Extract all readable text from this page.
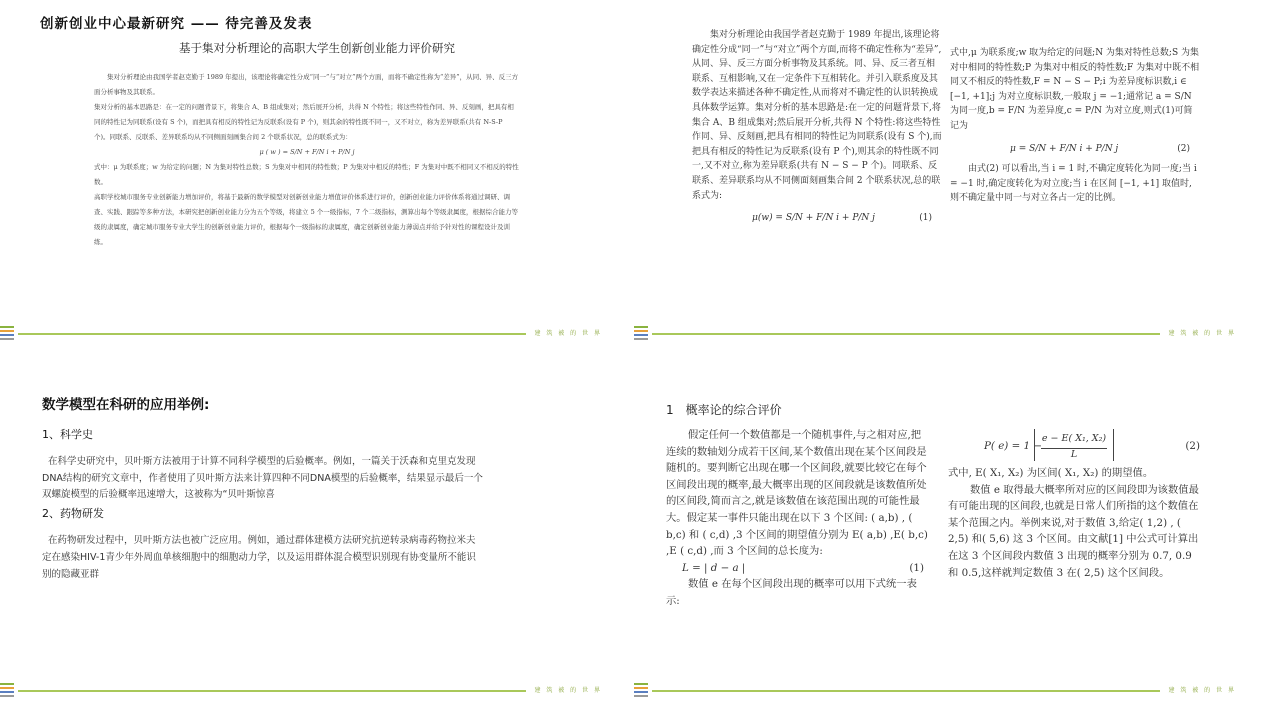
创新创业中心最新研究 —— 待完善及发表
基于集对分析理论的高职大学生创新创业能力评价研究

集对分析理论由我国学者赵克勤于 1989 年提出，该理论将确定性分成“同一”与“对立”两个方面，而将不确定性称为“差异”，从同、异、反三方面分析事物及其联系。

集对分析的基本思路是：在一定的问题背景下，将集合 A、B 组成集对；然后展开分析，共得 N 个特性；将这些特性作同、异、反刻画，把具有相同的特性记为同联系(设有 S 个)，而把具有相反的特性记为反联系(设有 P 个)，则其余的特性既不同一，又不对立，称为差异联系(共有 N-S-P 个)。同联系、反联系、差异联系均从不同侧面刻画集合间 2 个联系状况，总的联系式为：

μ ( w ) = S/N + F/N i + P/N j

式中：μ 为联系度；w 为给定的问题；N 为集对特性总数；S 为集对中相同的特性数；P 为集对中相反的特性；F 为集对中既不相同又不相反的特性数。

高职学校城市服务专业创新能力增加评价，将基于最新的数学模型对创新创业能力增值评价体系进行评价，创新创业能力评价体系将通过调研、调查、实践、跟踪等多种方法，本研究把创新创业能力分为五个等级，将建立 5 个一级指标，7 个二级指标，测算出每个等级隶属度，根据综合能力等级的隶属度，确定城市服务专业大学生的创新创业能力评价，根据每个一级指标的隶属度，确定创新创业能力薄弱点并给予针对性的课程设计及训练。

建 筑 被 的 世 界

集对分析理论由我国学者赵克勤于 1989 年提出,该理论将确定性分成“同一”与“对立”两个方面,而将不确定性称为“差异”,从同、异、反三方面分析事物及其系统。同、异、反三者互相联系、互相影响,又在一定条件下互相转化。并引入联系度及其数学表达来描述各种不确定性,从而将对不确定性的认识转换成具体数学运算。集对分析的基本思路是:在一定的问题背景下,将集合 A、B 组成集对;然后展开分析,共得 N 个特性:将这些特性作同、异、反刻画,把具有相同的特性记为同联系(设有 S 个),而把具有相反的特性记为反联系(设有 P 个),则其余的特性既不同一,又不对立,称为差异联系(共有 N − S − P 个)。同联系、反联系、差异联系均从不同侧面刻画集合间 2 个联系状况,总的联系式为:

μ(w) = S/N + F/N i + P/N j	(1)

式中,μ 为联系度;w 取为给定的问题;N 为集对特性总数;S 为集对中相同的特性数;P 为集对中相反的特性数;F 为集对中既不相同又不相反的特性数,F = N − S − P;i 为差异度标识数,i ∈ [−1, +1];j 为对立度标识数,一般取 j = −1;通常记 a = S/N 为同一度,b = F/N 为差异度,c = P/N 为对立度,则式(1)可简记为

μ = S/N + F/N i + P/N j	(2)

由式(2) 可以看出,当 i = 1 时,不确定度转化为同一度;当 i = −1 时,确定度转化为对立度;当 i 在区间 [−1, +1] 取值时,则不确定量中同一与对立各占一定的比例。

建 筑 被 的 世 界
数学模型在科研的应用举例:

1、科学史

在科学史研究中，贝叶斯方法被用于计算不同科学模型的后验概率。例如，一篇关于沃森和克里克发现DNA结构的研究文章中，作者使用了贝叶斯方法来计算四种不同DNA模型的后验概率，结果显示最后一个双螺旋模型的后验概率迅速增大，这被称为“贝叶斯惊喜

2、药物研发

在药物研发过程中，贝叶斯方法也被广泛应用。例如，通过群体建模方法研究抗逆转录病毒药物拉米夫定在感染HIV-1青少年外周血单核细胞中的细胞动力学，以及运用群体混合模型识别现有协变量所不能识别的隐藏亚群

建 筑 被 的 世 界
1 概率论的综合评价

假定任何一个数值都是一个随机事件,与之相对应,把连续的数轴划分成若干区间,某个数值出现在某个区间段是随机的。要判断它出现在哪一个区间段,就要比较它在每个区间段出现的概率,最大概率出现的区间段就是该数值所处的区间段,简而言之,就是该数值在该范围出现的可能性最大。假定某一事件只能出现在以下 3 个区间: ( a,b) , ( b,c) 和 ( c,d) ,3 个区间的期望值分别为 E( a,b) ,E( b,c) ,E ( c,d) ,而 3 个区间的总长度为:

L = | d − a |	(1)

数值 e 在每个区间段出现的概率可以用下式统一表示:

P( e) = 1 −
$\frac{\text{e − E( X₁, X₂)}}{L}$	(2)

式中, E( X₁, X₂) 为区间( X₁, X₂) 的期望值。

数值 e 取得最大概率所对应的区间段即为该数值最有可能出现的区间段,也就是日常人们所指的这个数值在某个范围之内。举例来说,对于数值 3,给定( 1,2) , ( 2,5) 和( 5,6) 这 3 个区间。由文献[1] 中公式可计算出在这 3 个区间段内数值 3 出现的概率分别为 0.7, 0.9 和 0.5,这样就判定数值 3 在( 2,5) 这个区间段。

建 筑 被 的 世 界
